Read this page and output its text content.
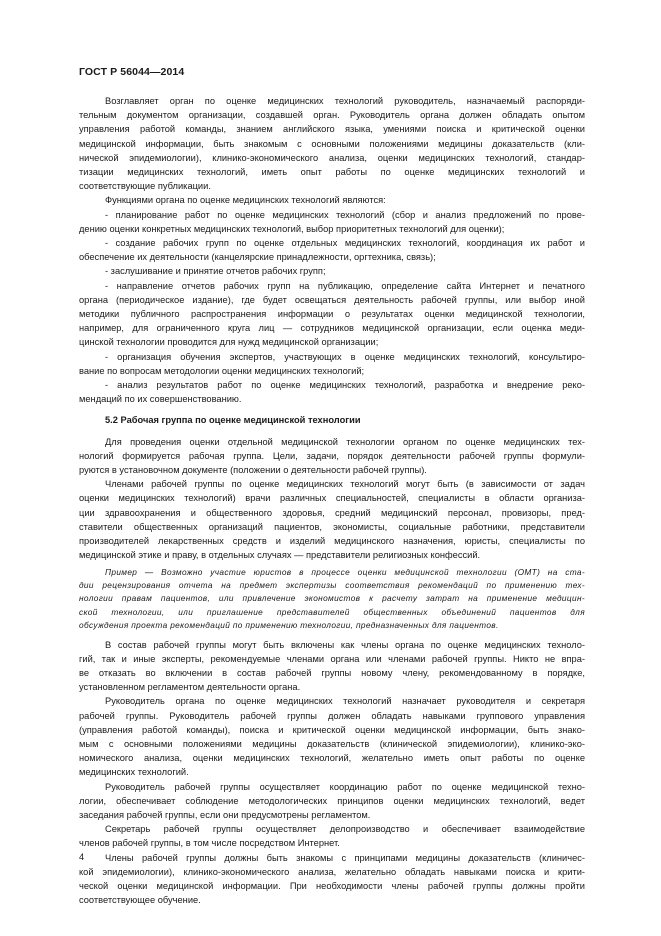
ГОСТ Р 56044—2014
Возглавляет орган по оценке медицинских технологий руководитель, назначаемый распоряди-
тельным документом организации, создавшей орган. Руководитель органа должен обладать опытом
управления работой команды, знанием английского языка, умениями поиска и критической оценки
медицинской информации, быть знакомым с основными положениями медицины доказательств (кли-
нической эпидемиологии), клинико-экономического анализа, оценки медицинских технологий, стандар-
тизации медицинских технологий, иметь опыт работы по оценке медицинских технологий и
соответствующие публикации.
Функциями органа по оценке медицинских технологий являются:
- планирование работ по оценке медицинских технологий (сбор и анализ предложений по прове-
дению оценки конкретных медицинских технологий, выбор приоритетных технологий для оценки);
- создание рабочих групп по оценке отдельных медицинских технологий, координация их работ и
обеспечение их деятельности (канцелярские принадлежности, оргтехника, связь);
- заслушивание и принятие отчетов рабочих групп;
- направление отчетов рабочих групп на публикацию, определение сайта Интернет и печатного
органа (периодическое издание), где будет освещаться деятельность рабочей группы, или выбор иной
методики публичного распространения информации о результатах оценки медицинской технологии,
например, для ограниченного круга лиц — сотрудников медицинской организации, если оценка меди-
цинской технологии проводится для нужд медицинской организации;
- организация обучения экспертов, участвующих в оценке медицинских технологий, консультиро-
вание по вопросам методологии оценки медицинских технологий;
- анализ результатов работ по оценке медицинских технологий, разработка и внедрение реко-
мендаций по их совершенствованию.
5.2 Рабочая группа по оценке медицинской технологии
Для проведения оценки отдельной медицинской технологии органом по оценке медицинских тех-
нологий формируется рабочая группа. Цели, задачи, порядок деятельности рабочей группы формули-
руются в установочном документе (положении о деятельности рабочей группы).
Членами рабочей группы по оценке медицинских технологий могут быть (в зависимости от задач
оценки медицинских технологий) врачи различных специальностей, специалисты в области организа-
ции здравоохранения и общественного здоровья, средний медицинский персонал, провизоры, пред-
ставители общественных организаций пациентов, экономисты, социальные работники, представители
производителей лекарственных средств и изделий медицинского назначения, юристы, специалисты по
медицинской этике и праву, в отдельных случаях — представители религиозных конфессий.
Пример — Возможно участие юристов в процессе оценки медицинской технологии (ОМТ) на ста-
дии рецензирования отчета на предмет экспертизы соответствия рекомендаций по применению тех-
нологии правам пациентов, или привлечение экономистов к расчету затрат на применение медицин-
ской технологии, или приглашение представителей общественных объединений пациентов для
обсуждения проекта рекомендаций по применению технологии, предназначенных для пациентов.
В состав рабочей группы могут быть включены как члены органа по оценке медицинских техноло-
гий, так и иные эксперты, рекомендуемые членами органа или членами рабочей группы. Никто не впра-
ве отказать во включении в состав рабочей группы новому члену, рекомендованному в порядке,
установленном регламентом деятельности органа.
Руководитель органа по оценке медицинских технологий назначает руководителя и секретаря
рабочей группы. Руководитель рабочей группы должен обладать навыками группового управления
(управления работой команды), поиска и критической оценки медицинской информации, быть знако-
мым с основными положениями медицины доказательств (клинической эпидемиологии), клинико-эко-
номического анализа, оценки медицинских технологий, желательно иметь опыт работы по оценке
медицинских технологий.
Руководитель рабочей группы осуществляет координацию работ по оценке медицинской техно-
логии, обеспечивает соблюдение методологических принципов оценки медицинских технологий, ведет
заседания рабочей группы, если они предусмотрены регламентом.
Секретарь рабочей группы осуществляет делопроизводство и обеспечивает взаимодействие
членов рабочей группы, в том числе посредством Интернет.
Члены рабочей группы должны быть знакомы с принципами медицины доказательств (клиничес-
кой эпидемиологии), клинико-экономического анализа, желательно обладать навыками поиска и крити-
ческой оценки медицинской информации. При необходимости члены рабочей группы должны пройти
соответствующее обучение.
4
